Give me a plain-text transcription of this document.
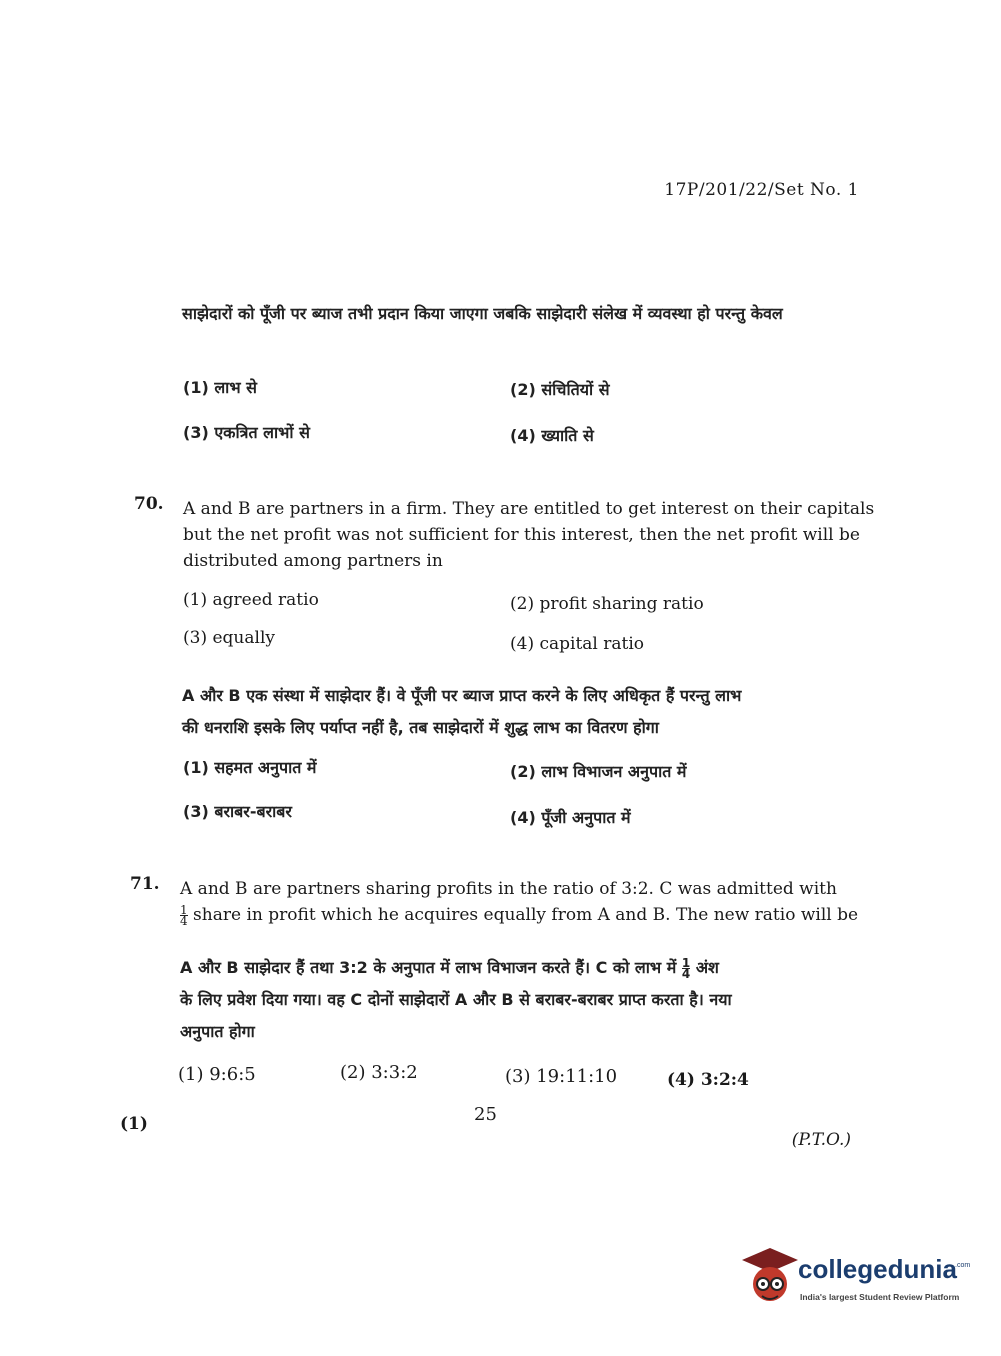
17P/201/22/Set No. 1
साझेदारों को पूँजी पर ब्याज तभी प्रदान किया जाएगा जबकि साझेदारी संलेख में व्यवस्था हो परन्तु केवल
(1) लाभ से	(2) संचितियों से
(3) एकत्रित लाभों से	(4) ख्याति से
70. A and B are partners in a firm. They are entitled to get interest on their capitals
but the net profit was not sufficient for this interest, then the net profit will be
distributed among partners in
(1) agreed ratio	(2) profit sharing ratio
(3) equally	(4) capital ratio
A और B एक संस्था में साझेदार हैं। वे पूँजी पर ब्याज प्राप्त करने के लिए अधिकृत हैं परन्तु लाभ
की धनराशि इसके लिए पर्याप्त नहीं है, तब साझेदारों में शुद्ध लाभ का वितरण होगा
(1) सहमत अनुपात में	(2) लाभ विभाजन अनुपात में
(3) बराबर-बराबर	(4) पूँजी अनुपात में
71. A and B are partners sharing profits in the ratio of 3:2. C was admitted with
$\frac{1}{4}$ share in profit which he acquires equally from A and B. The new ratio will be
A और B साझेदार हैं तथा 3:2 के अनुपात में लाभ विभाजन करते हैं। C को लाभ में $\frac{1}{4}$ अंश
के लिए प्रवेश दिया गया। वह C दोनों साझेदारों A और B से बराबर-बराबर प्राप्त करता है। नया
अनुपात होगा
(1) 9:6:5	(2) 3:3:2	(3) 19:11:10	(4) 3:2:4
25
(1)
(P.T.O.)
collegedunia
.com
India's largest Student Review Platform
